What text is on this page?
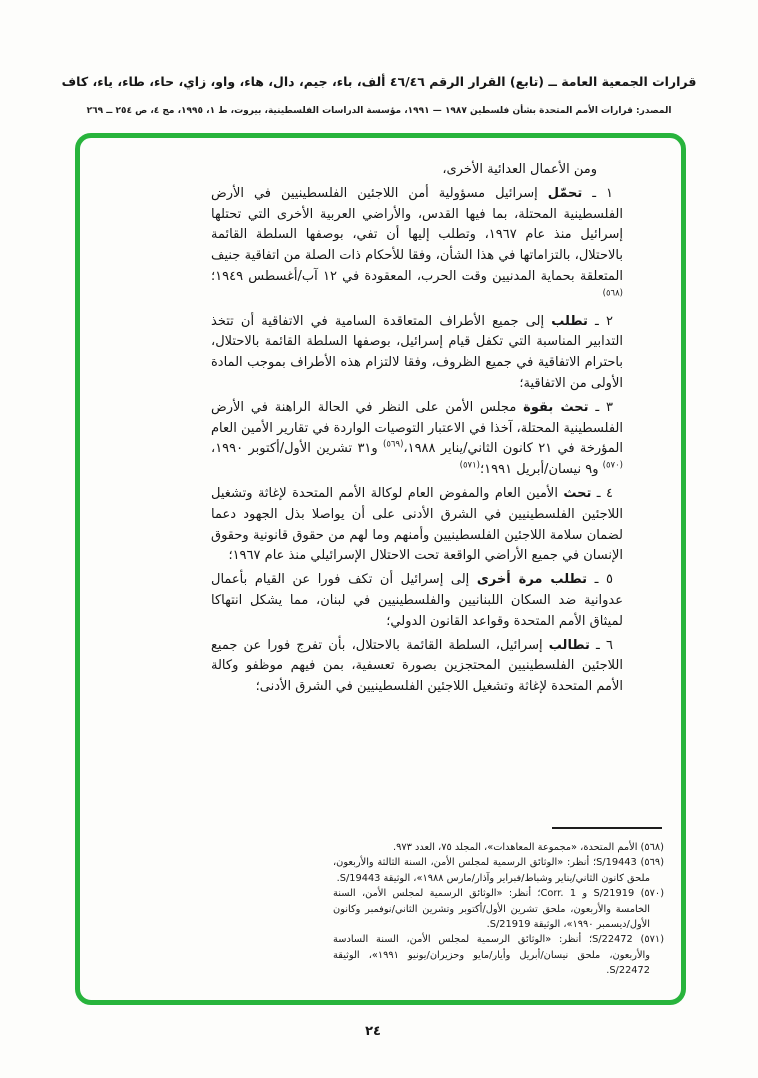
قرارات الجمعية العامة ــ (تابع) القرار الرقم ٤٦/٤٦ ألف، باء، جيم، دال، هاء، واو، زاي، حاء، طاء، ياء، كاف
المصدر: قرارات الأمم المتحدة بشأن فلسطين ١٩٨٧ — ١٩٩١، مؤسسة الدراسات الفلسطينية، بيروت، ط ١، ١٩٩٥، مج ٤، ص ٢٥٤ ــ ٢٦٩

ومن الأعمال العدائية الأخرى،

١ ـ تحمّل إسرائيل مسؤولية أمن اللاجئين الفلسطينيين في الأرض الفلسطينية المحتلة، بما فيها القدس، والأراضي العربية الأخرى التي تحتلها إسرائيل منذ عام ١٩٦٧، وتطلب إليها أن تفي، بوصفها السلطة القائمة بالاحتلال، بالتزاماتها في هذا الشأن، وفقا للأحكام ذات الصلة من اتفاقية جنيف المتعلقة بحماية المدنيين وقت الحرب، المعقودة في ١٢ آب/أغسطس ١٩٤٩؛$^{(٥٦٨)}$

٢ ـ تطلب إلى جميع الأطراف المتعاقدة السامية في الاتفاقية أن تتخذ التدابير المناسبة التي تكفل قيام إسرائيل، بوصفها السلطة القائمة بالاحتلال، باحترام الاتفاقية في جميع الظروف، وفقا لالتزام هذه الأطراف بموجب المادة الأولى من الاتفاقية؛

٣ ـ تحث بقوة مجلس الأمن على النظر في الحالة الراهنة في الأرض الفلسطينية المحتلة، آخذا في الاعتبار التوصيات الواردة في تقارير الأمين العام المؤرخة في ٢١ كانون الثاني/يناير ١٩٨٨،$^{(٥٦٩)}$ و٣١ تشرين الأول/أكتوبر ١٩٩٠،$^{(٥٧٠)}$ و٩ نيسان/أبريل ١٩٩١؛$^{(٥٧١)}$

٤ ـ تحث الأمين العام والمفوض العام لوكالة الأمم المتحدة لإغاثة وتشغيل اللاجئين الفلسطينيين في الشرق الأدنى على أن يواصلا بذل الجهود دعما لضمان سلامة اللاجئين الفلسطينيين وأمنهم وما لهم من حقوق قانونية وحقوق الإنسان في جميع الأراضي الواقعة تحت الاحتلال الإسرائيلي منذ عام ١٩٦٧؛

٥ ـ تطلب مرة أخرى إلى إسرائيل أن تكف فورا عن القيام بأعمال عدوانية ضد السكان اللبنانيين والفلسطينيين في لبنان، مما يشكل انتهاكا لميثاق الأمم المتحدة وقواعد القانون الدولي؛

٦ ـ تطالب إسرائيل، السلطة القائمة بالاحتلال، بأن تفرج فورا عن جميع اللاجئين الفلسطينيين المحتجزين بصورة تعسفية، بمن فيهم موظفو وكالة الأمم المتحدة لإغاثة وتشغيل اللاجئين الفلسطينيين في الشرق الأدنى؛

(٥٦٨) الأمم المتحدة، «مجموعة المعاهدات»، المجلد ٧٥، العدد ٩٧٣.

(٥٦٩) S/19443؛ أنظر: «الوثائق الرسمية لمجلس الأمن، السنة الثالثة والأربعون، ملحق كانون الثاني/يناير وشباط/فبراير وآذار/مارس ١٩٨٨»، الوثيقة S/19443.

(٥٧٠) S/21919 و Corr. 1؛ أنظر: «الوثائق الرسمية لمجلس الأمن، السنة الخامسة والأربعون، ملحق تشرين الأول/أكتوبر وتشرين الثاني/نوفمبر وكانون الأول/ديسمبر ١٩٩٠»، الوثيقة S/21919.

(٥٧١) S/22472؛ أنظر: «الوثائق الرسمية لمجلس الأمن، السنة السادسة والأربعون، ملحق نيسان/أبريل وأيار/مايو وحزيران/يونيو ١٩٩١»، الوثيقة S/22472.

٢٤
